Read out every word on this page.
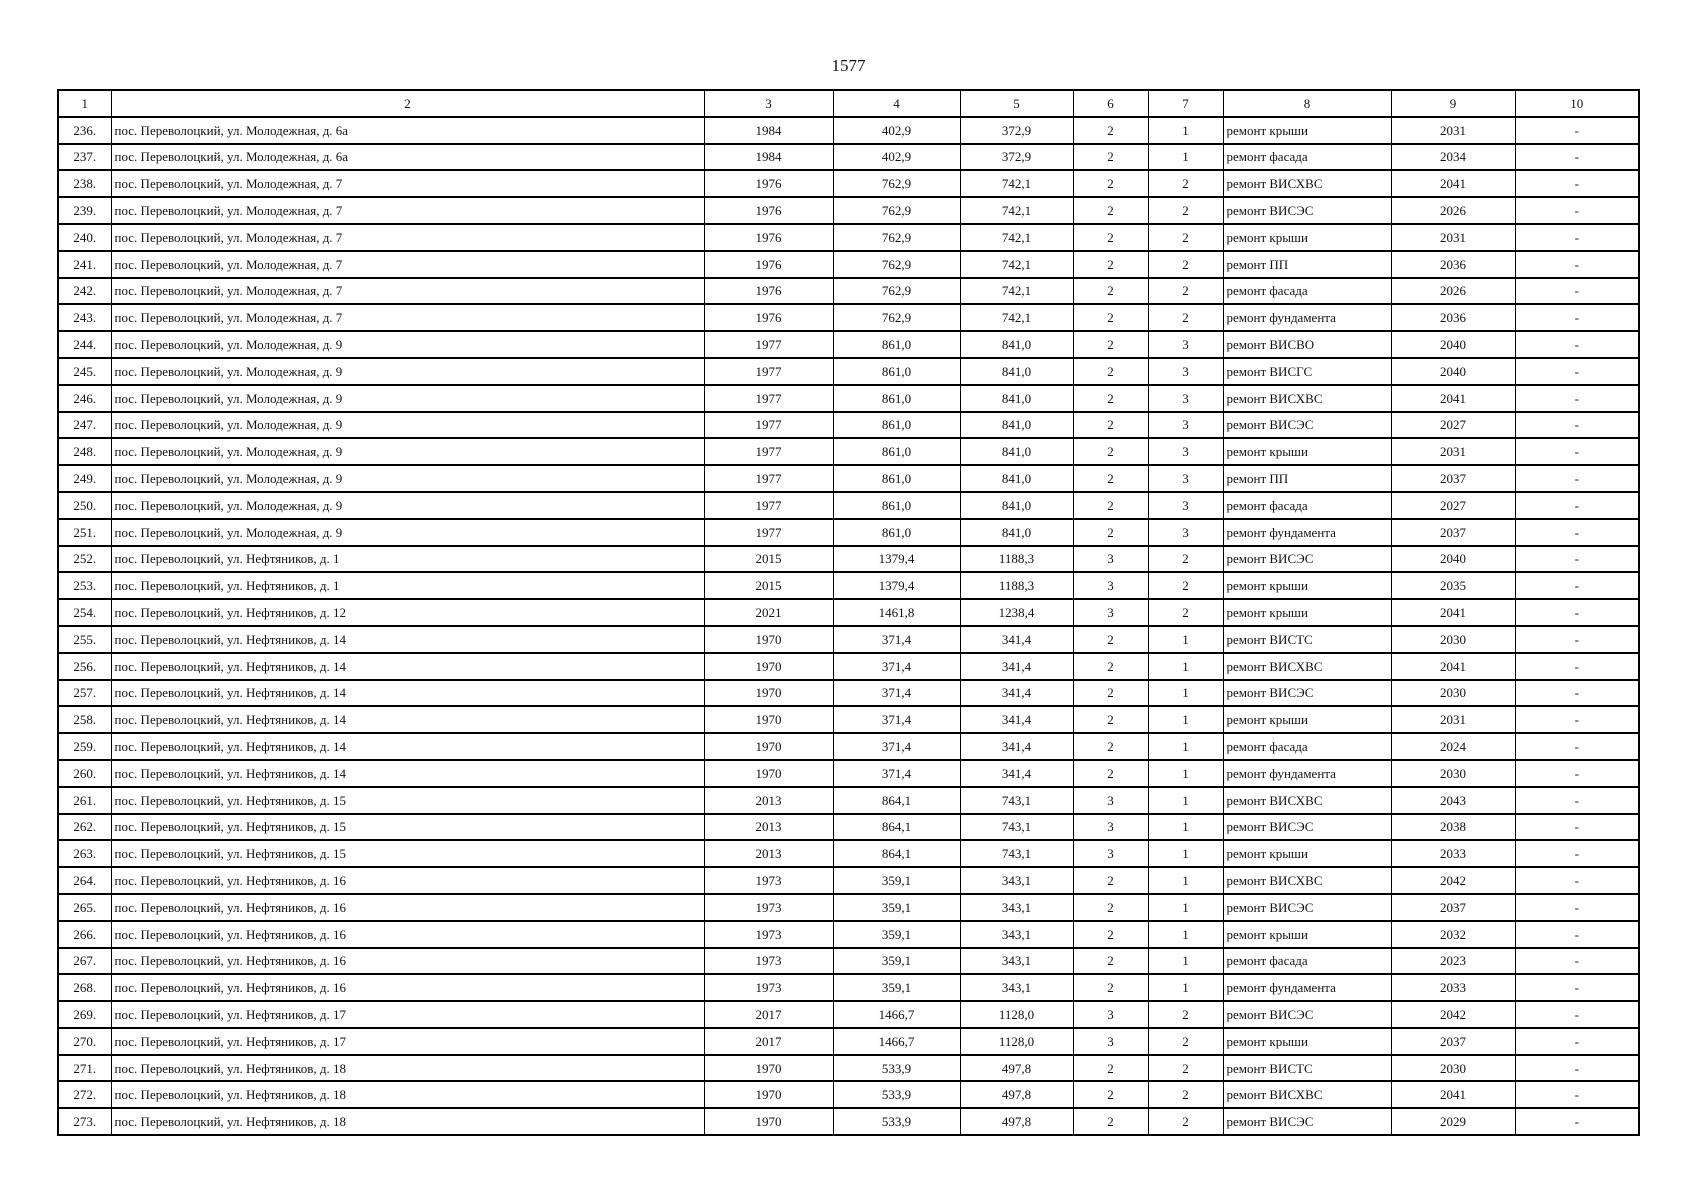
1577
1	2	3	4	5	6	7	8	9	10
236.	пос. Переволоцкий, ул. Молодежная, д. 6а	1984	402,9	372,9	2	1	ремонт крыши	2031	-
237.	пос. Переволоцкий, ул. Молодежная, д. 6а	1984	402,9	372,9	2	1	ремонт фасада	2034	-
238.	пос. Переволоцкий, ул. Молодежная, д. 7	1976	762,9	742,1	2	2	ремонт ВИСХВС	2041	-
239.	пос. Переволоцкий, ул. Молодежная, д. 7	1976	762,9	742,1	2	2	ремонт ВИСЭС	2026	-
240.	пос. Переволоцкий, ул. Молодежная, д. 7	1976	762,9	742,1	2	2	ремонт крыши	2031	-
241.	пос. Переволоцкий, ул. Молодежная, д. 7	1976	762,9	742,1	2	2	ремонт ПП	2036	-
242.	пос. Переволоцкий, ул. Молодежная, д. 7	1976	762,9	742,1	2	2	ремонт фасада	2026	-
243.	пос. Переволоцкий, ул. Молодежная, д. 7	1976	762,9	742,1	2	2	ремонт фундамента	2036	-
244.	пос. Переволоцкий, ул. Молодежная, д. 9	1977	861,0	841,0	2	3	ремонт ВИСВО	2040	-
245.	пос. Переволоцкий, ул. Молодежная, д. 9	1977	861,0	841,0	2	3	ремонт ВИСГС	2040	-
246.	пос. Переволоцкий, ул. Молодежная, д. 9	1977	861,0	841,0	2	3	ремонт ВИСХВС	2041	-
247.	пос. Переволоцкий, ул. Молодежная, д. 9	1977	861,0	841,0	2	3	ремонт ВИСЭС	2027	-
248.	пос. Переволоцкий, ул. Молодежная, д. 9	1977	861,0	841,0	2	3	ремонт крыши	2031	-
249.	пос. Переволоцкий, ул. Молодежная, д. 9	1977	861,0	841,0	2	3	ремонт ПП	2037	-
250.	пос. Переволоцкий, ул. Молодежная, д. 9	1977	861,0	841,0	2	3	ремонт фасада	2027	-
251.	пос. Переволоцкий, ул. Молодежная, д. 9	1977	861,0	841,0	2	3	ремонт фундамента	2037	-
252.	пос. Переволоцкий, ул. Нефтяников, д. 1	2015	1379,4	1188,3	3	2	ремонт ВИСЭС	2040	-
253.	пос. Переволоцкий, ул. Нефтяников, д. 1	2015	1379,4	1188,3	3	2	ремонт крыши	2035	-
254.	пос. Переволоцкий, ул. Нефтяников, д. 12	2021	1461,8	1238,4	3	2	ремонт крыши	2041	-
255.	пос. Переволоцкий, ул. Нефтяников, д. 14	1970	371,4	341,4	2	1	ремонт ВИСТС	2030	-
256.	пос. Переволоцкий, ул. Нефтяников, д. 14	1970	371,4	341,4	2	1	ремонт ВИСХВС	2041	-
257.	пос. Переволоцкий, ул. Нефтяников, д. 14	1970	371,4	341,4	2	1	ремонт ВИСЭС	2030	-
258.	пос. Переволоцкий, ул. Нефтяников, д. 14	1970	371,4	341,4	2	1	ремонт крыши	2031	-
259.	пос. Переволоцкий, ул. Нефтяников, д. 14	1970	371,4	341,4	2	1	ремонт фасада	2024	-
260.	пос. Переволоцкий, ул. Нефтяников, д. 14	1970	371,4	341,4	2	1	ремонт фундамента	2030	-
261.	пос. Переволоцкий, ул. Нефтяников, д. 15	2013	864,1	743,1	3	1	ремонт ВИСХВС	2043	-
262.	пос. Переволоцкий, ул. Нефтяников, д. 15	2013	864,1	743,1	3	1	ремонт ВИСЭС	2038	-
263.	пос. Переволоцкий, ул. Нефтяников, д. 15	2013	864,1	743,1	3	1	ремонт крыши	2033	-
264.	пос. Переволоцкий, ул. Нефтяников, д. 16	1973	359,1	343,1	2	1	ремонт ВИСХВС	2042	-
265.	пос. Переволоцкий, ул. Нефтяников, д. 16	1973	359,1	343,1	2	1	ремонт ВИСЭС	2037	-
266.	пос. Переволоцкий, ул. Нефтяников, д. 16	1973	359,1	343,1	2	1	ремонт крыши	2032	-
267.	пос. Переволоцкий, ул. Нефтяников, д. 16	1973	359,1	343,1	2	1	ремонт фасада	2023	-
268.	пос. Переволоцкий, ул. Нефтяников, д. 16	1973	359,1	343,1	2	1	ремонт фундамента	2033	-
269.	пос. Переволоцкий, ул. Нефтяников, д. 17	2017	1466,7	1128,0	3	2	ремонт ВИСЭС	2042	-
270.	пос. Переволоцкий, ул. Нефтяников, д. 17	2017	1466,7	1128,0	3	2	ремонт крыши	2037	-
271.	пос. Переволоцкий, ул. Нефтяников, д. 18	1970	533,9	497,8	2	2	ремонт ВИСТС	2030	-
272.	пос. Переволоцкий, ул. Нефтяников, д. 18	1970	533,9	497,8	2	2	ремонт ВИСХВС	2041	-
273.	пос. Переволоцкий, ул. Нефтяников, д. 18	1970	533,9	497,8	2	2	ремонт ВИСЭС	2029	-
